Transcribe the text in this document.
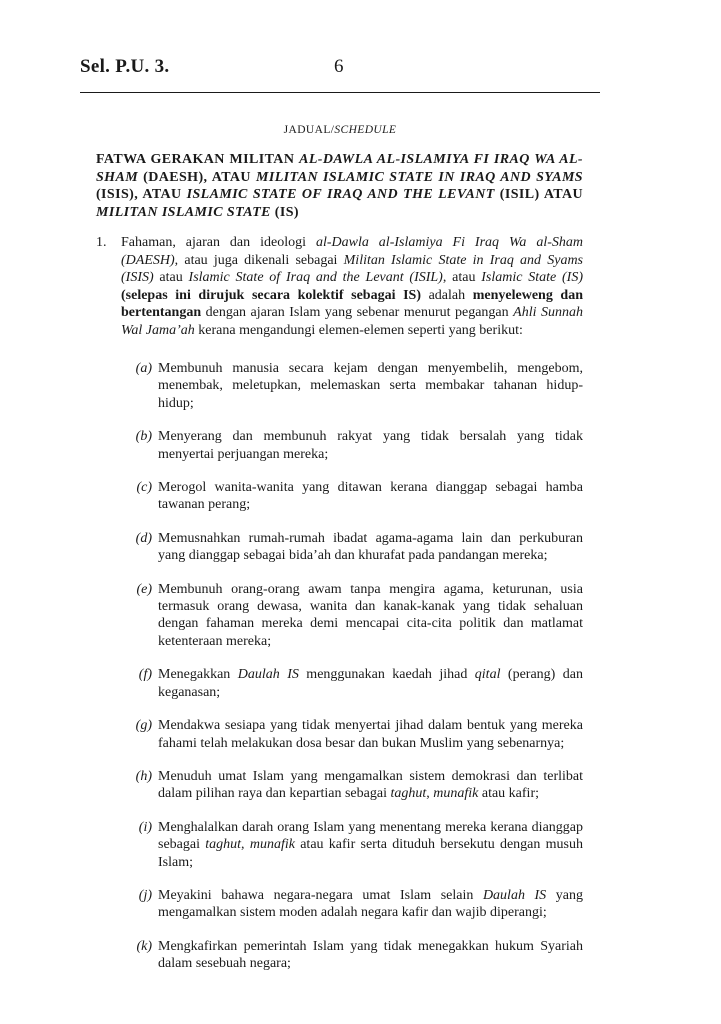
Sel. P.U. 3.	6
JADUAL/SCHEDULE
FATWA GERAKAN MILITAN AL-DAWLA AL-ISLAMIYA FI IRAQ WA AL-SHAM (DAESH), ATAU MILITAN ISLAMIC STATE IN IRAQ AND SYAMS (ISIS), ATAU ISLAMIC STATE OF IRAQ AND THE LEVANT (ISIL) ATAU MILITAN ISLAMIC STATE (IS)
1. Fahaman, ajaran dan ideologi al-Dawla al-Islamiya Fi Iraq Wa al-Sham (DAESH), atau juga dikenali sebagai Militan Islamic State in Iraq and Syams (ISIS) atau Islamic State of Iraq and the Levant (ISIL), atau Islamic State (IS) (selepas ini dirujuk secara kolektif sebagai IS) adalah menyeleweng dan bertentangan dengan ajaran Islam yang sebenar menurut pegangan Ahli Sunnah Wal Jama’ah kerana mengandungi elemen-elemen seperti yang berikut:
(a) Membunuh manusia secara kejam dengan menyembelih, mengebom, menembak, meletupkan, melemaskan serta membakar tahanan hidup-hidup;
(b) Menyerang dan membunuh rakyat yang tidak bersalah yang tidak menyertai perjuangan mereka;
(c) Merogol wanita-wanita yang ditawan kerana dianggap sebagai hamba tawanan perang;
(d) Memusnahkan rumah-rumah ibadat agama-agama lain dan perkuburan yang dianggap sebagai bida’ah dan khurafat pada pandangan mereka;
(e) Membunuh orang-orang awam tanpa mengira agama, keturunan, usia termasuk orang dewasa, wanita dan kanak-kanak yang tidak sehaluan dengan fahaman mereka demi mencapai cita-cita politik dan matlamat ketenteraan mereka;
(f) Menegakkan Daulah IS menggunakan kaedah jihad qital (perang) dan keganasan;
(g) Mendakwa sesiapa yang tidak menyertai jihad dalam bentuk yang mereka fahami telah melakukan dosa besar dan bukan Muslim yang sebenarnya;
(h) Menuduh umat Islam yang mengamalkan sistem demokrasi dan terlibat dalam pilihan raya dan kepartian sebagai taghut, munafik atau kafir;
(i) Menghalalkan darah orang Islam yang menentang mereka kerana dianggap sebagai taghut, munafik atau kafir serta dituduh bersekutu dengan musuh Islam;
(j) Meyakini bahawa negara-negara umat Islam selain Daulah IS yang mengamalkan sistem moden adalah negara kafir dan wajib diperangi;
(k) Mengkafirkan pemerintah Islam yang tidak menegakkan hukum Syariah dalam sesebuah negara;
